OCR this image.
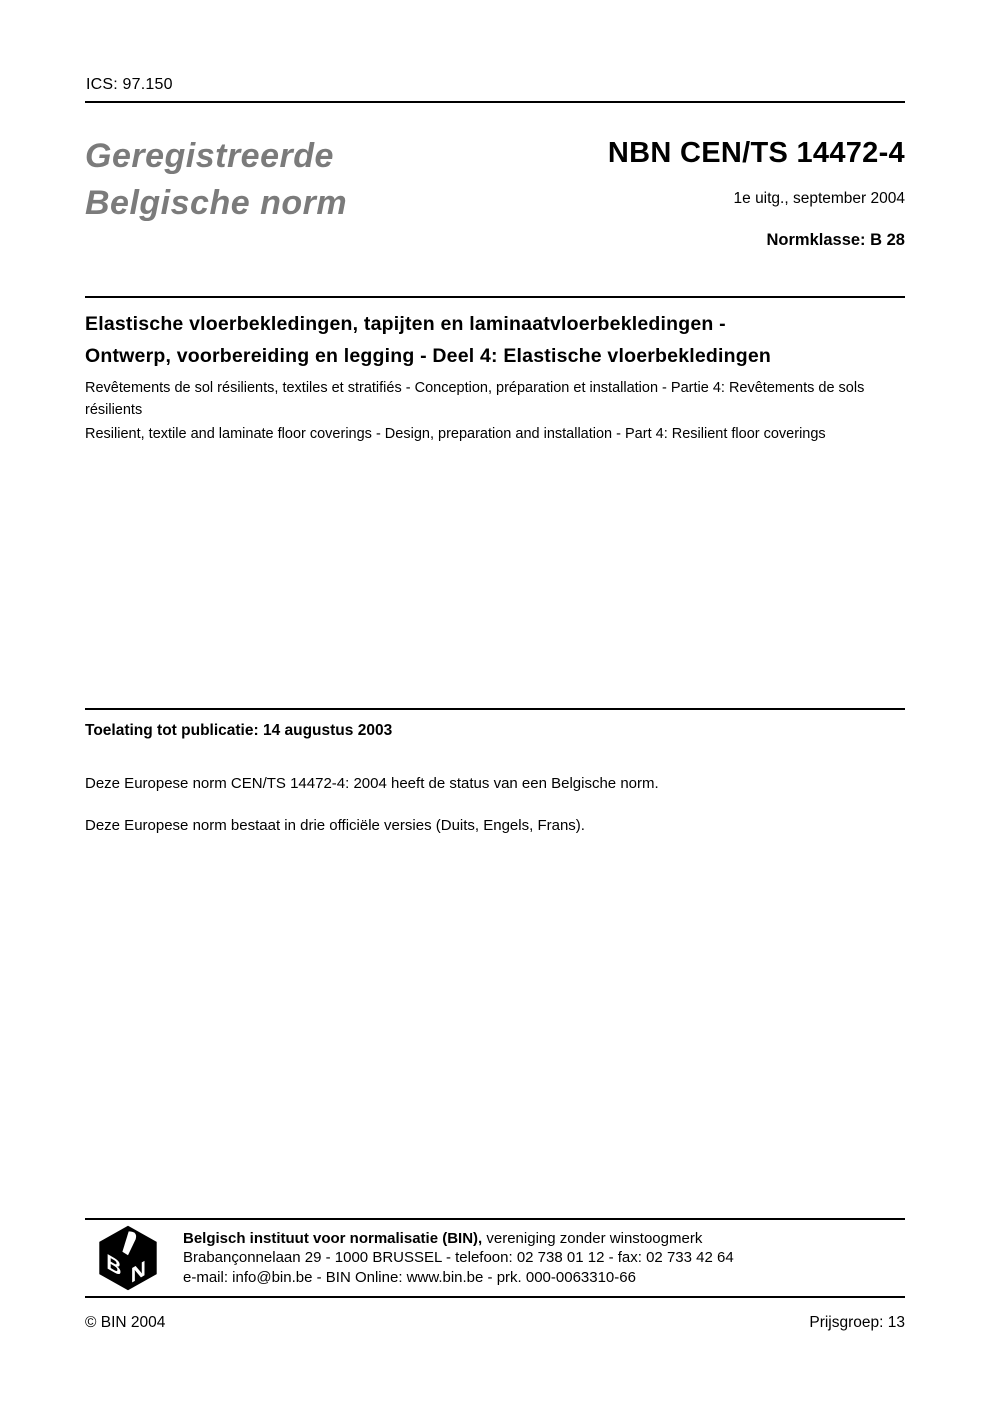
ICS: 97.150
Geregistreerde
Belgische norm
NBN CEN/TS 14472-4
1e uitg., september 2004
Normklasse: B 28
Elastische vloerbekledingen, tapijten en laminaatvloerbekledingen -
Ontwerp, voorbereiding en legging - Deel 4: Elastische vloerbekledingen
Revêtements de sol résilients, textiles et stratifiés - Conception, préparation et installation - Partie 4: Revêtements de sols résilients
Resilient, textile and laminate floor coverings - Design, preparation and installation - Part 4: Resilient floor coverings
Toelating tot publicatie: 14 augustus 2003
Deze Europese norm CEN/TS 14472-4: 2004 heeft de status van een Belgische norm.
Deze Europese norm bestaat in drie officiële versies (Duits, Engels, Frans).
B N
Belgisch instituut voor normalisatie (BIN), vereniging zonder winstoogmerk
Brabançonnelaan 29 - 1000 BRUSSEL - telefoon: 02 738 01 12 - fax: 02 733 42 64
e-mail: info@bin.be - BIN Online: www.bin.be - prk. 000-0063310-66
© BIN 2004	Prijsgroep: 13
